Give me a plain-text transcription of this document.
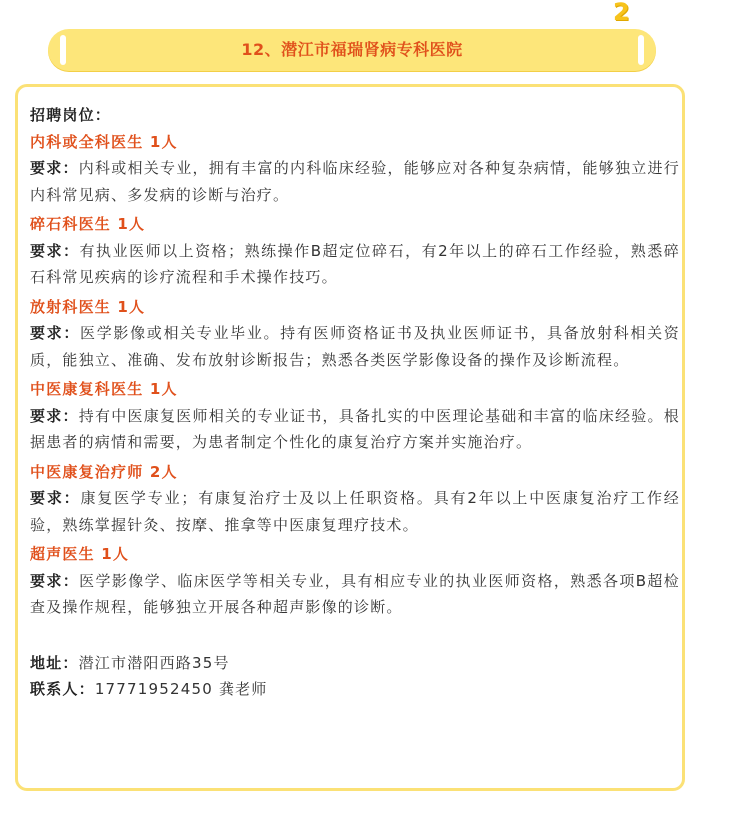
2
12、潜江市福瑞肾病专科医院
招聘岗位：
内科或全科医生 1人

要求：内科或相关专业，拥有丰富的内科临床经验，能够应对各种复杂病情，能够独立进行内科常见病、多发病的诊断与治疗。

碎石科医生 1人

要求：有执业医师以上资格；熟练操作B超定位碎石，有2年以上的碎石工作经验，熟悉碎石科常见疾病的诊疗流程和手术操作技巧。

放射科医生 1人

要求：医学影像或相关专业毕业。持有医师资格证书及执业医师证书，具备放射科相关资质，能独立、准确、发布放射诊断报告；熟悉各类医学影像设备的操作及诊断流程。

中医康复科医生 1人

要求：持有中医康复医师相关的专业证书，具备扎实的中医理论基础和丰富的临床经验。根据患者的病情和需要，为患者制定个性化的康复治疗方案并实施治疗。

中医康复治疗师 2人

要求：康复医学专业；有康复治疗士及以上任职资格。具有2年以上中医康复治疗工作经验，熟练掌握针灸、按摩、推拿等中医康复理疗技术。

超声医生 1人

要求：医学影像学、临床医学等相关专业，具有相应专业的执业医师资格，熟悉各项B超检查及操作规程，能够独立开展各种超声影像的诊断。

地址：潜江市潜阳西路35号

联系人：17771952450 龚老师
